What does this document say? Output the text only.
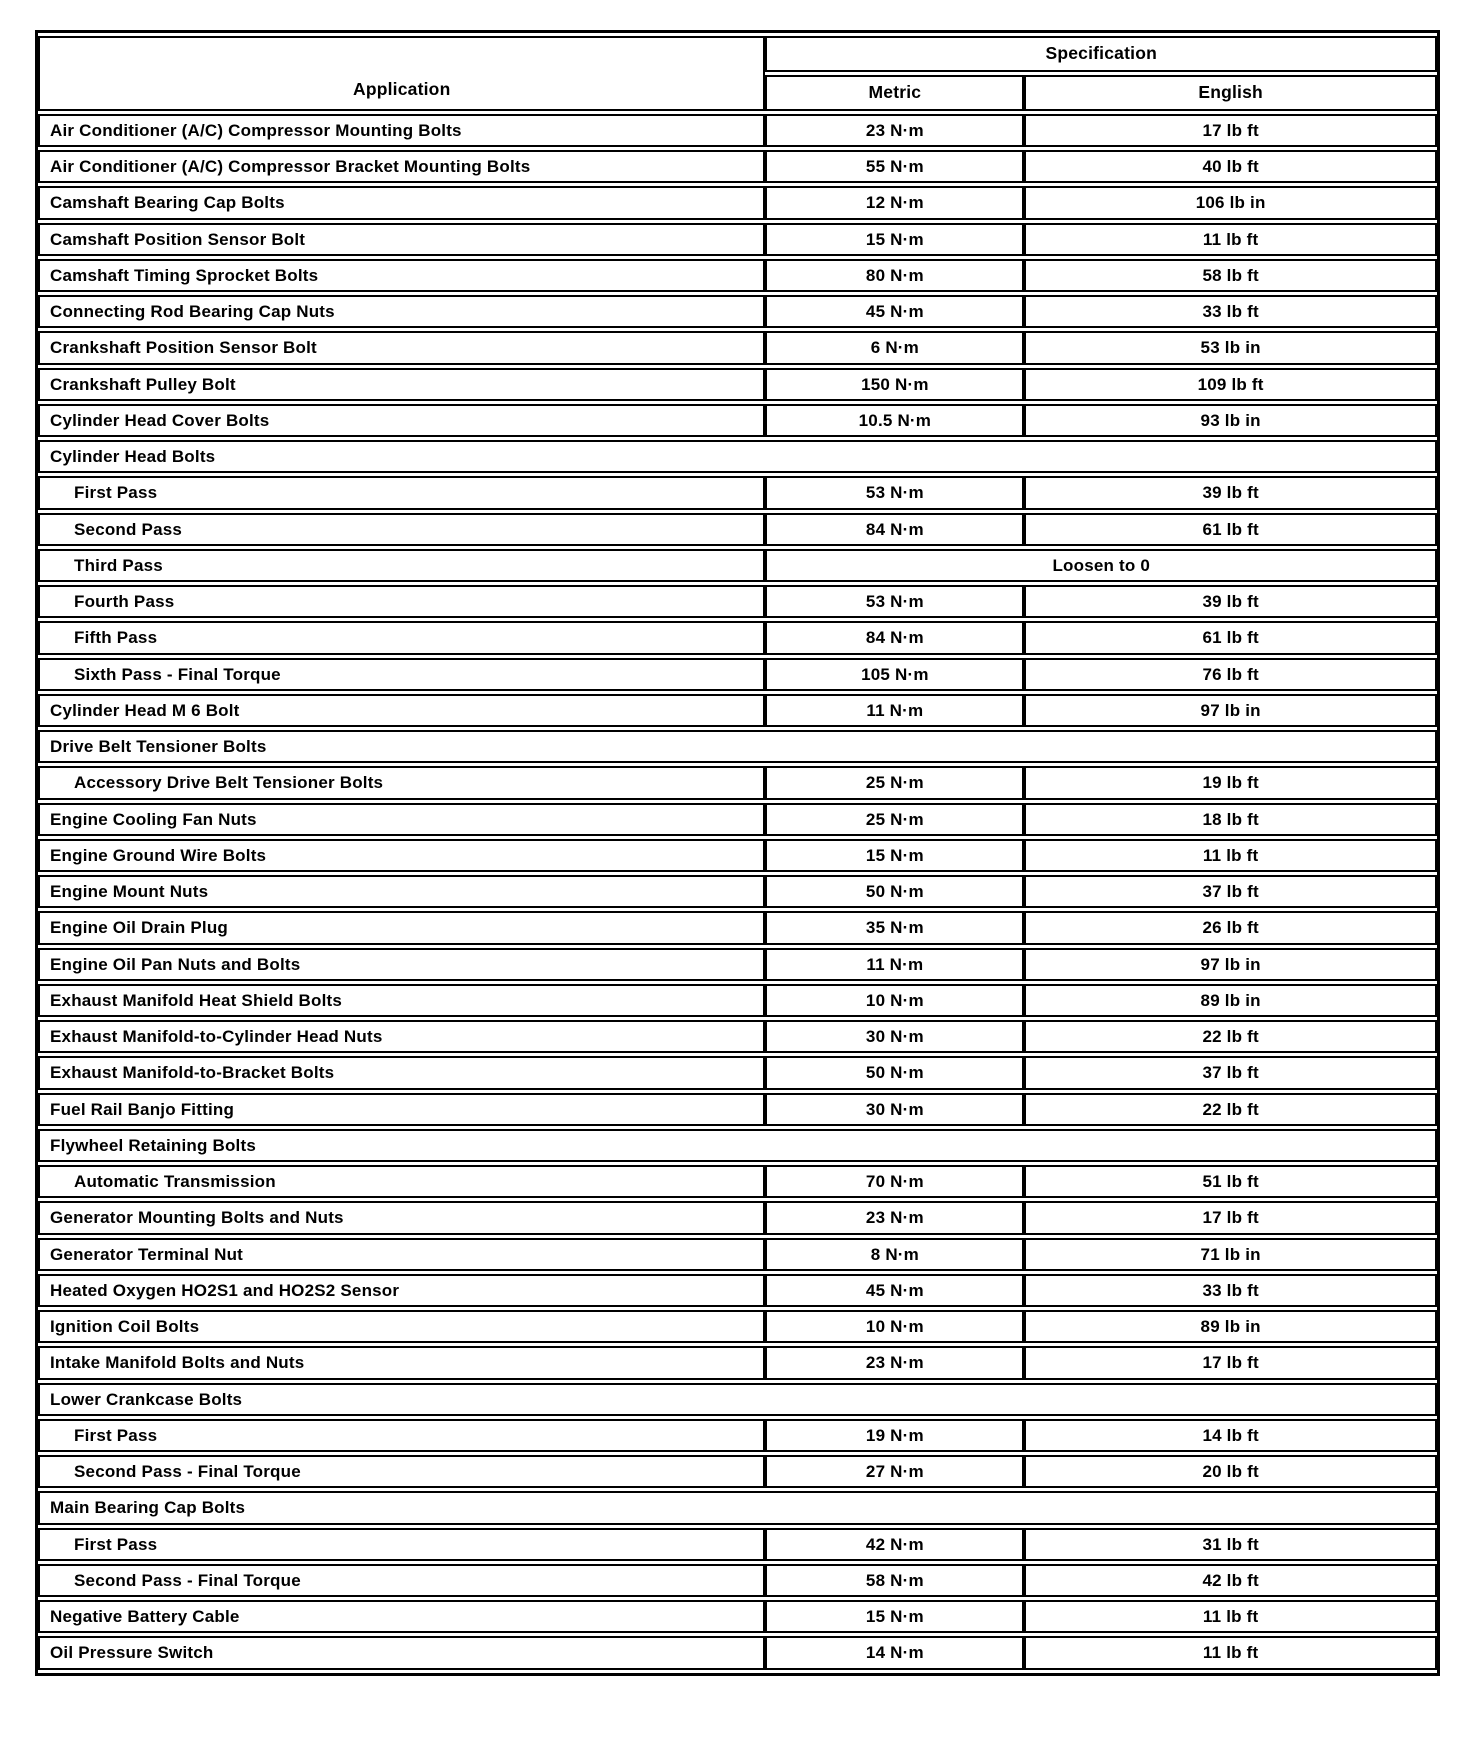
Application	Specification	
	Metric	English
Air Conditioner (A/C) Compressor Mounting Bolts	23 N·m	17 lb ft
Air Conditioner (A/C) Compressor Bracket Mounting Bolts	55 N·m	40 lb ft
Camshaft Bearing Cap Bolts	12 N·m	106 lb in
Camshaft Position Sensor Bolt	15 N·m	11 lb ft
Camshaft Timing Sprocket Bolts	80 N·m	58 lb ft
Connecting Rod Bearing Cap Nuts	45 N·m	33 lb ft
Crankshaft Position Sensor Bolt	6 N·m	53 lb in
Crankshaft Pulley Bolt	150 N·m	109 lb ft
Cylinder Head Cover Bolts	10.5 N·m	93 lb in
Cylinder Head Bolts		
First Pass	53 N·m	39 lb ft
Second Pass	84 N·m	61 lb ft
Third Pass	Loosen to 0	
Fourth Pass	53 N·m	39 lb ft
Fifth Pass	84 N·m	61 lb ft
Sixth Pass - Final Torque	105 N·m	76 lb ft
Cylinder Head M 6 Bolt	11 N·m	97 lb in
Drive Belt Tensioner Bolts		
Accessory Drive Belt Tensioner Bolts	25 N·m	19 lb ft
Engine Cooling Fan Nuts	25 N·m	18 lb ft
Engine Ground Wire Bolts	15 N·m	11 lb ft
Engine Mount Nuts	50 N·m	37 lb ft
Engine Oil Drain Plug	35 N·m	26 lb ft
Engine Oil Pan Nuts and Bolts	11 N·m	97 lb in
Exhaust Manifold Heat Shield Bolts	10 N·m	89 lb in
Exhaust Manifold-to-Cylinder Head Nuts	30 N·m	22 lb ft
Exhaust Manifold-to-Bracket Bolts	50 N·m	37 lb ft
Fuel Rail Banjo Fitting	30 N·m	22 lb ft
Flywheel Retaining Bolts		
Automatic Transmission	70 N·m	51 lb ft
Generator Mounting Bolts and Nuts	23 N·m	17 lb ft
Generator Terminal Nut	8 N·m	71 lb in
Heated Oxygen HO2S1 and HO2S2 Sensor	45 N·m	33 lb ft
Ignition Coil Bolts	10 N·m	89 lb in
Intake Manifold Bolts and Nuts	23 N·m	17 lb ft
Lower Crankcase Bolts		
First Pass	19 N·m	14 lb ft
Second Pass - Final Torque	27 N·m	20 lb ft
Main Bearing Cap Bolts		
First Pass	42 N·m	31 lb ft
Second Pass - Final Torque	58 N·m	42 lb ft
Negative Battery Cable	15 N·m	11 lb ft
Oil Pressure Switch	14 N·m	11 lb ft
